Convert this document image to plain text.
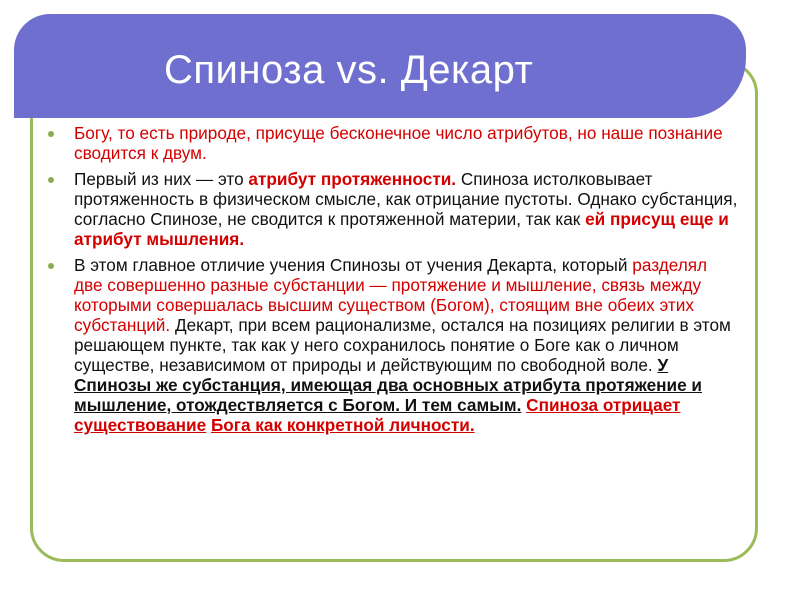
Спиноза vs. Декарт
Богу, то есть природе, присуще бесконечное число атрибутов, но наше познание сводится к двум.
Первый из них — это атрибут протяженности. Спиноза истолковывает протяженность в физическом смысле, как отрицание пустоты. Однако субстанция, согласно Спинозе, не сводится к протяженной материи, так как ей присущ еще и атрибут мышления.
В этом главное отличие учения Спинозы от учения Декарта, который разделял две совершенно разные субстанции — протяжение и мышление, связь между которыми совершалась высшим существом (Богом), стоящим вне обеих этих субстанций. Декарт, при всем рационализме, остался на позициях религии в этом решающем пункте, так как у него сохранилось понятие о Боге как о личном существе, независимом от природы и действующим по свободной воле. У Спинозы же субстанция, имеющая два основных атрибута протяжение и мышление, отождествляется с Богом. И тем самым. Спиноза отрицает существование Бога как конкретной личности.
